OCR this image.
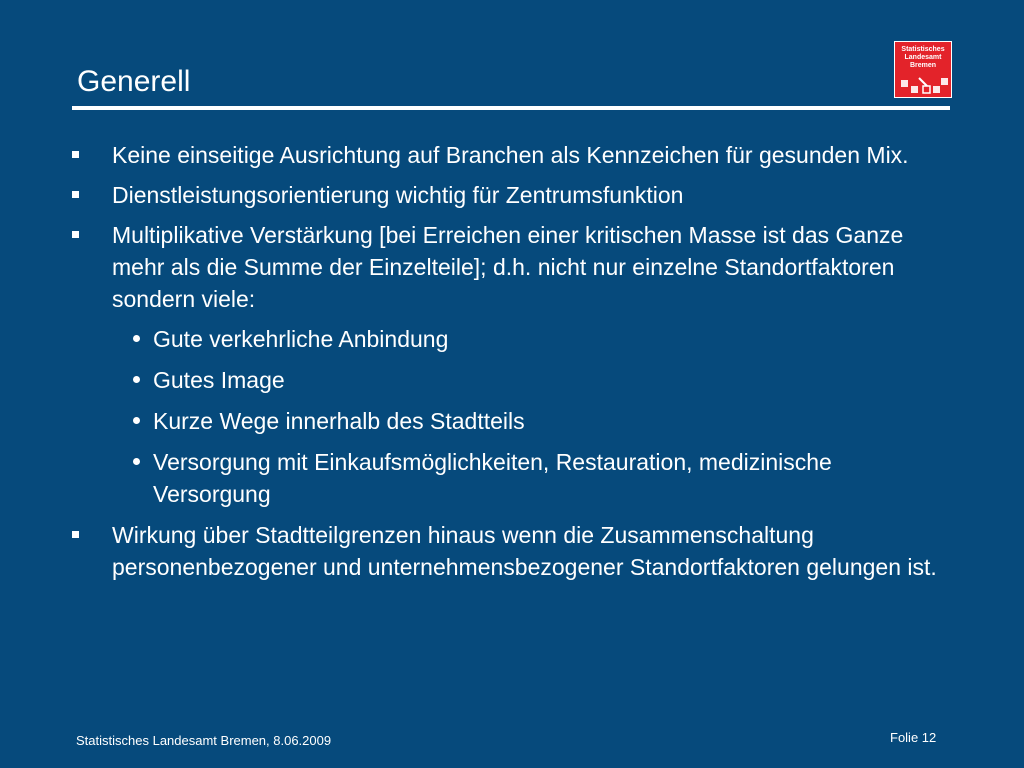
Generell
Statistisches
Landesamt
Bremen
Keine einseitige Ausrichtung auf Branchen als Kennzeichen für gesunden Mix.
Dienstleistungsorientierung wichtig für Zentrumsfunktion
Multiplikative Verstärkung [bei Erreichen einer kritischen Masse ist das Ganze mehr als die Summe der Einzelteile]; d.h. nicht nur einzelne Standortfaktoren sondern viele:
Gute verkehrliche Anbindung
Gutes Image
Kurze Wege innerhalb des Stadtteils
Versorgung mit Einkaufsmöglichkeiten, Restauration, medizinische Versorgung
Wirkung über Stadtteilgrenzen hinaus wenn die Zusammenschaltung personenbezogener und unternehmensbezogener Standortfaktoren gelungen ist.
Statistisches Landesamt Bremen, 8.06.2009	Folie 12
